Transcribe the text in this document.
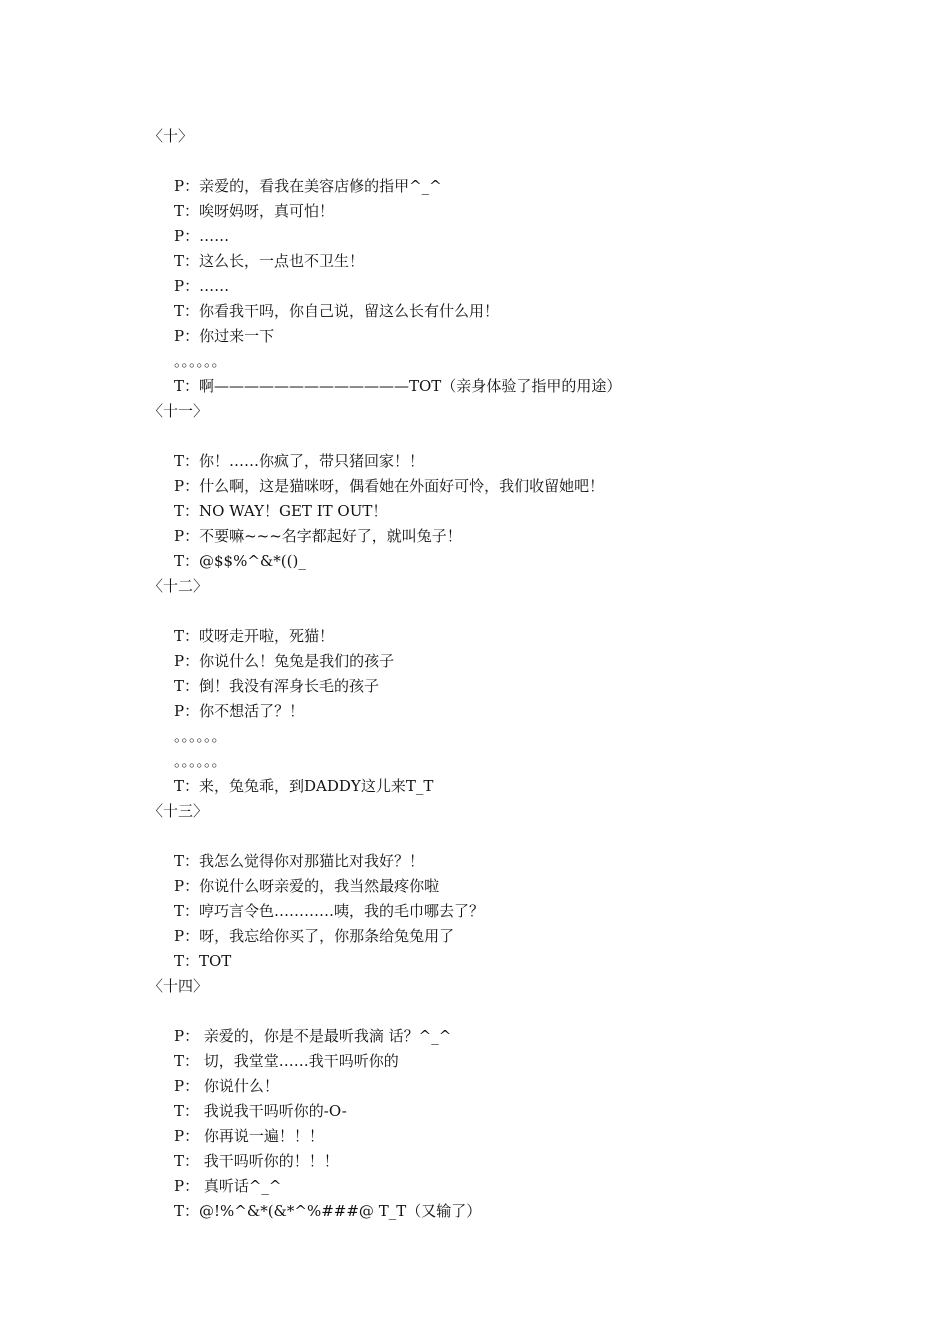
〈十〉
P：亲爱的，看我在美容店修的指甲^_^
T：唉呀妈呀，真可怕！
P：……
T：这么长，一点也不卫生！
P：……
T：你看我干吗，你自己说，留这么长有什么用！
P：你过来一下
。。。。。。
T：啊—————————————TOT（亲身体验了指甲的用途）
〈十一〉
T：你！……你疯了，带只猪回家！！
P：什么啊，这是猫咪呀，偶看她在外面好可怜，我们收留她吧！
T：NO WAY！GET IT OUT！
P：不要嘛~~~名字都起好了，就叫兔子！
T：@$$%^&*(()_
〈十二〉
T：哎呀走开啦，死猫！
P：你说什么！兔兔是我们的孩子
T：倒！我没有浑身长毛的孩子
P：你不想活了？！
。。。。。。
。。。。。。
T：来，兔兔乖，到DADDY这儿来T_T
〈十三〉
T：我怎么觉得你对那猫比对我好？！
P：你说什么呀亲爱的，我当然最疼你啦
T：哼巧言令色…………咦，我的毛巾哪去了？
P：呀，我忘给你买了，你那条给兔兔用了
T：TOT
〈十四〉
P： 亲爱的，你是不是最听我滴 话？^_^
T： 切，我堂堂……我干吗听你的
P： 你说什么！
T： 我说我干吗听你的-O-
P： 你再说一遍！！！
T： 我干吗听你的！！！
P： 真听话^_^
T：@!%^&*(&*^%###@ T_T（又输了）
